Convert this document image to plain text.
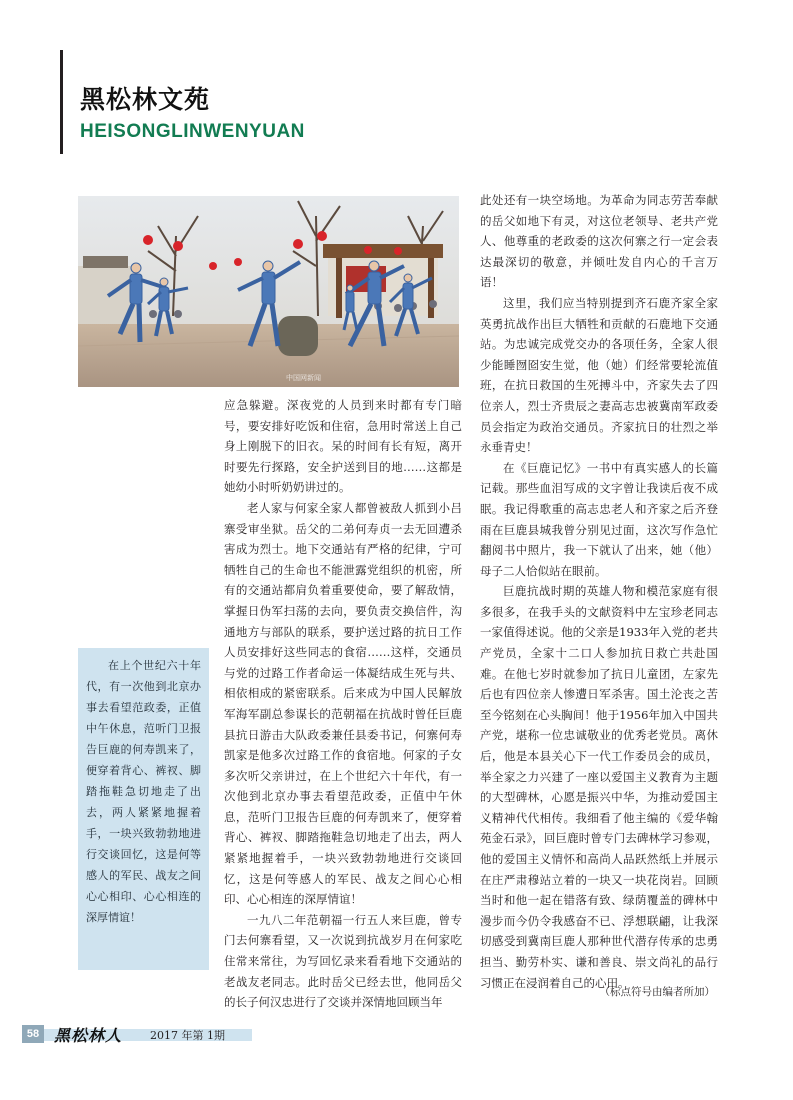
黑松林文苑
HEISONGLINWENYUAN
中国网新闻

应急躲避。深夜党的人员到来时都有专门暗号，要安排好吃饭和住宿，急用时常送上自己身上刚脱下的旧衣。呆的时间有长有短，离开时要先行探路，安全护送到目的地……这都是她幼小时听奶奶讲过的。

老人家与何家全家人都曾被敌人抓到小吕寨受审坐狱。岳父的二弟何寿贞一去无回遭杀害成为烈士。地下交通站有严格的纪律，宁可牺牲自己的生命也不能泄露党组织的机密，所有的交通站都肩负着重要使命，要了解敌情，掌握日伪军扫荡的去向，要负责交换信件，沟通地方与部队的联系，要护送过路的抗日工作人员安排好这些同志的食宿……这样，交通员与党的过路工作者命运一体凝结成生死与共、相依相成的紧密联系。后来成为中国人民解放军海军副总参谋长的范朝福在抗战时曾任巨鹿县抗日游击大队政委兼任县委书记，何寨何寿凯家是他多次过路工作的食宿地。何家的子女多次听父亲讲过，在上个世纪六十年代，有一次他到北京办事去看望范政委，正值中午休息，范听门卫报告巨鹿的何寿凯来了，便穿着背心、裤衩、脚踏拖鞋急切地走了出去，两人紧紧地握着手，一块兴致勃勃地进行交谈回忆，这是何等感人的军民、战友之间心心相印、心心相连的深厚情谊！

一九八二年范朝福一行五人来巨鹿，曾专门去何寨看望，又一次说到抗战岁月在何家吃住常来常往，为写回忆录来看看地下交通站的老战友老同志。此时岳父已经去世，他同岳父的长子何汉忠进行了交谈并深情地回顾当年

此处还有一块空场地。为革命为同志劳苦奉献的岳父如地下有灵，对这位老领导、老共产党人、他尊重的老政委的这次何寨之行一定会表达最深切的敬意，并倾吐发自内心的千言万语！

这里，我们应当特别提到齐石鹿齐家全家英勇抗战作出巨大牺牲和贡献的石鹿地下交通站。为忠诚完成党交办的各项任务，全家人很少能睡囫囵安生觉，他（她）们经常要轮流值班，在抗日救国的生死搏斗中，齐家失去了四位亲人，烈士齐贵辰之妻高志忠被冀南军政委员会指定为政治交通员。齐家抗日的壮烈之举永垂青史！

在《巨鹿记忆》一书中有真实感人的长篇记载。那些血泪写成的文字曾让我读后夜不成眠。我记得歌重的高志忠老人和齐家之后齐登雨在巨鹿县城我曾分别见过面，这次写作急忙翻阅书中照片，我一下就认了出来，她（他）母子二人恰似站在眼前。

巨鹿抗战时期的英雄人物和模范家庭有很多很多，在我手头的文献资料中左宝珍老同志一家值得述说。他的父亲是1933年入党的老共产党员，全家十二口人参加抗日救亡共赴国难。在他七岁时就参加了抗日儿童团，左家先后也有四位亲人惨遭日军杀害。国土沦丧之苦至今铭刻在心头胸间！他于1956年加入中国共产党，堪称一位忠诚敬业的优秀老党员。离休后，他是本县关心下一代工作委员会的成员，举全家之力兴建了一座以爱国主义教育为主题的大型碑林，心愿是振兴中华，为推动爱国主义精神代代相传。我细看了他主编的《爱华翰苑金石录》，回巨鹿时曾专门去碑林学习参观，他的爱国主义情怀和高尚人品跃然纸上并展示在庄严肃穆站立着的一块又一块花岗岩。回顾当时和他一起在错落有致、绿荫覆盖的碑林中漫步而今仍令我感奋不已、浮想联翩，让我深切感受到冀南巨鹿人那种世代潜存传承的忠勇担当、勤劳朴实、谦和善良、崇文尚礼的品行习惯正在浸润着自己的心田。

在上个世纪六十年代，有一次他到北京办事去看望范政委，正值中午休息，范听门卫报告巨鹿的何寿凯来了，便穿着背心、裤衩、脚踏拖鞋急切地走了出去，两人紧紧地握着手，一块兴致勃勃地进行交谈回忆，这是何等感人的军民、战友之间心心相印、心心相连的深厚情谊！

（标点符号由编者所加）
58 黑松林人	2017 年第 1期
